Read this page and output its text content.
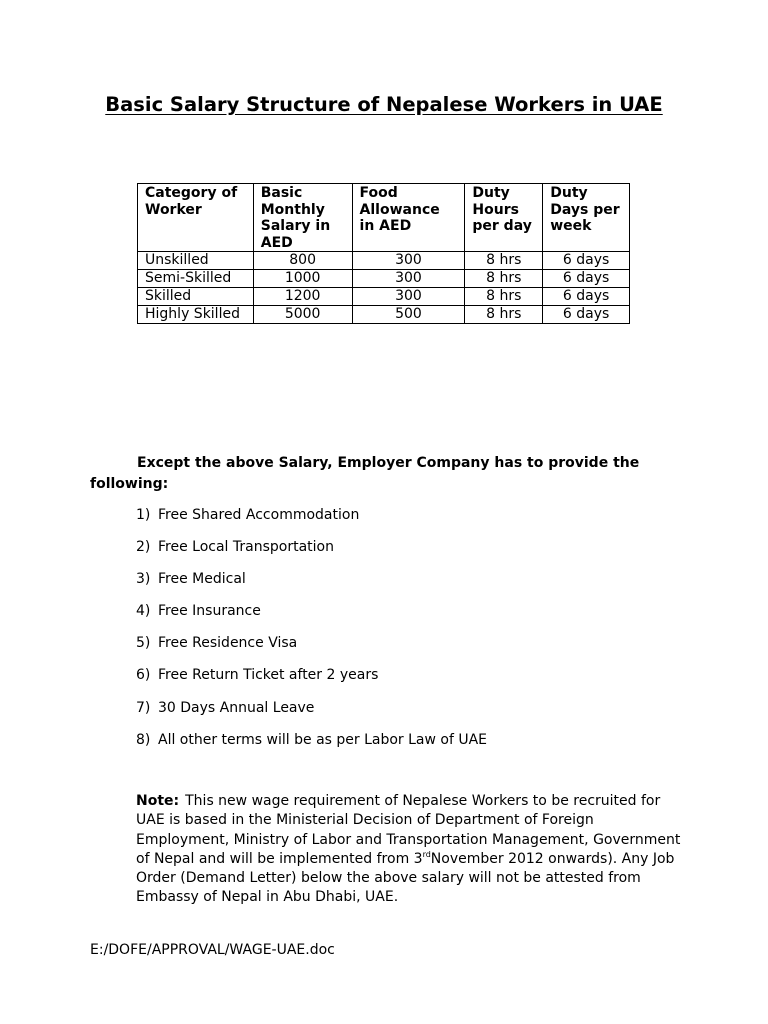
Basic Salary Structure of Nepalese Workers in UAE
Category of Worker	Basic Monthly Salary in AED	Food Allowance in AED	Duty Hours per day	Duty Days per week
Unskilled	800	300	8 hrs	6 days
Semi-Skilled	1000	300	8 hrs	6 days
Skilled	1200	300	8 hrs	6 days
Highly Skilled	5000	500	8 hrs	6 days
Except the above Salary, Employer Company has to provide the following:
1) Free Shared Accommodation
2) Free Local Transportation
3) Free Medical
4) Free Insurance
5) Free Residence Visa
6) Free Return Ticket after 2 years
7) 30 Days Annual Leave
8) All other terms will be as per Labor Law of UAE
Note: This new wage requirement of Nepalese Workers to be recruited for UAE is based in the Ministerial Decision of Department of Foreign Employment, Ministry of Labor and Transportation Management, Government of Nepal and will be implemented from 3rdNovember 2012 onwards). Any Job Order (Demand Letter) below the above salary will not be attested from Embassy of Nepal in Abu Dhabi, UAE.
E:/DOFE/APPROVAL/WAGE-UAE.doc
